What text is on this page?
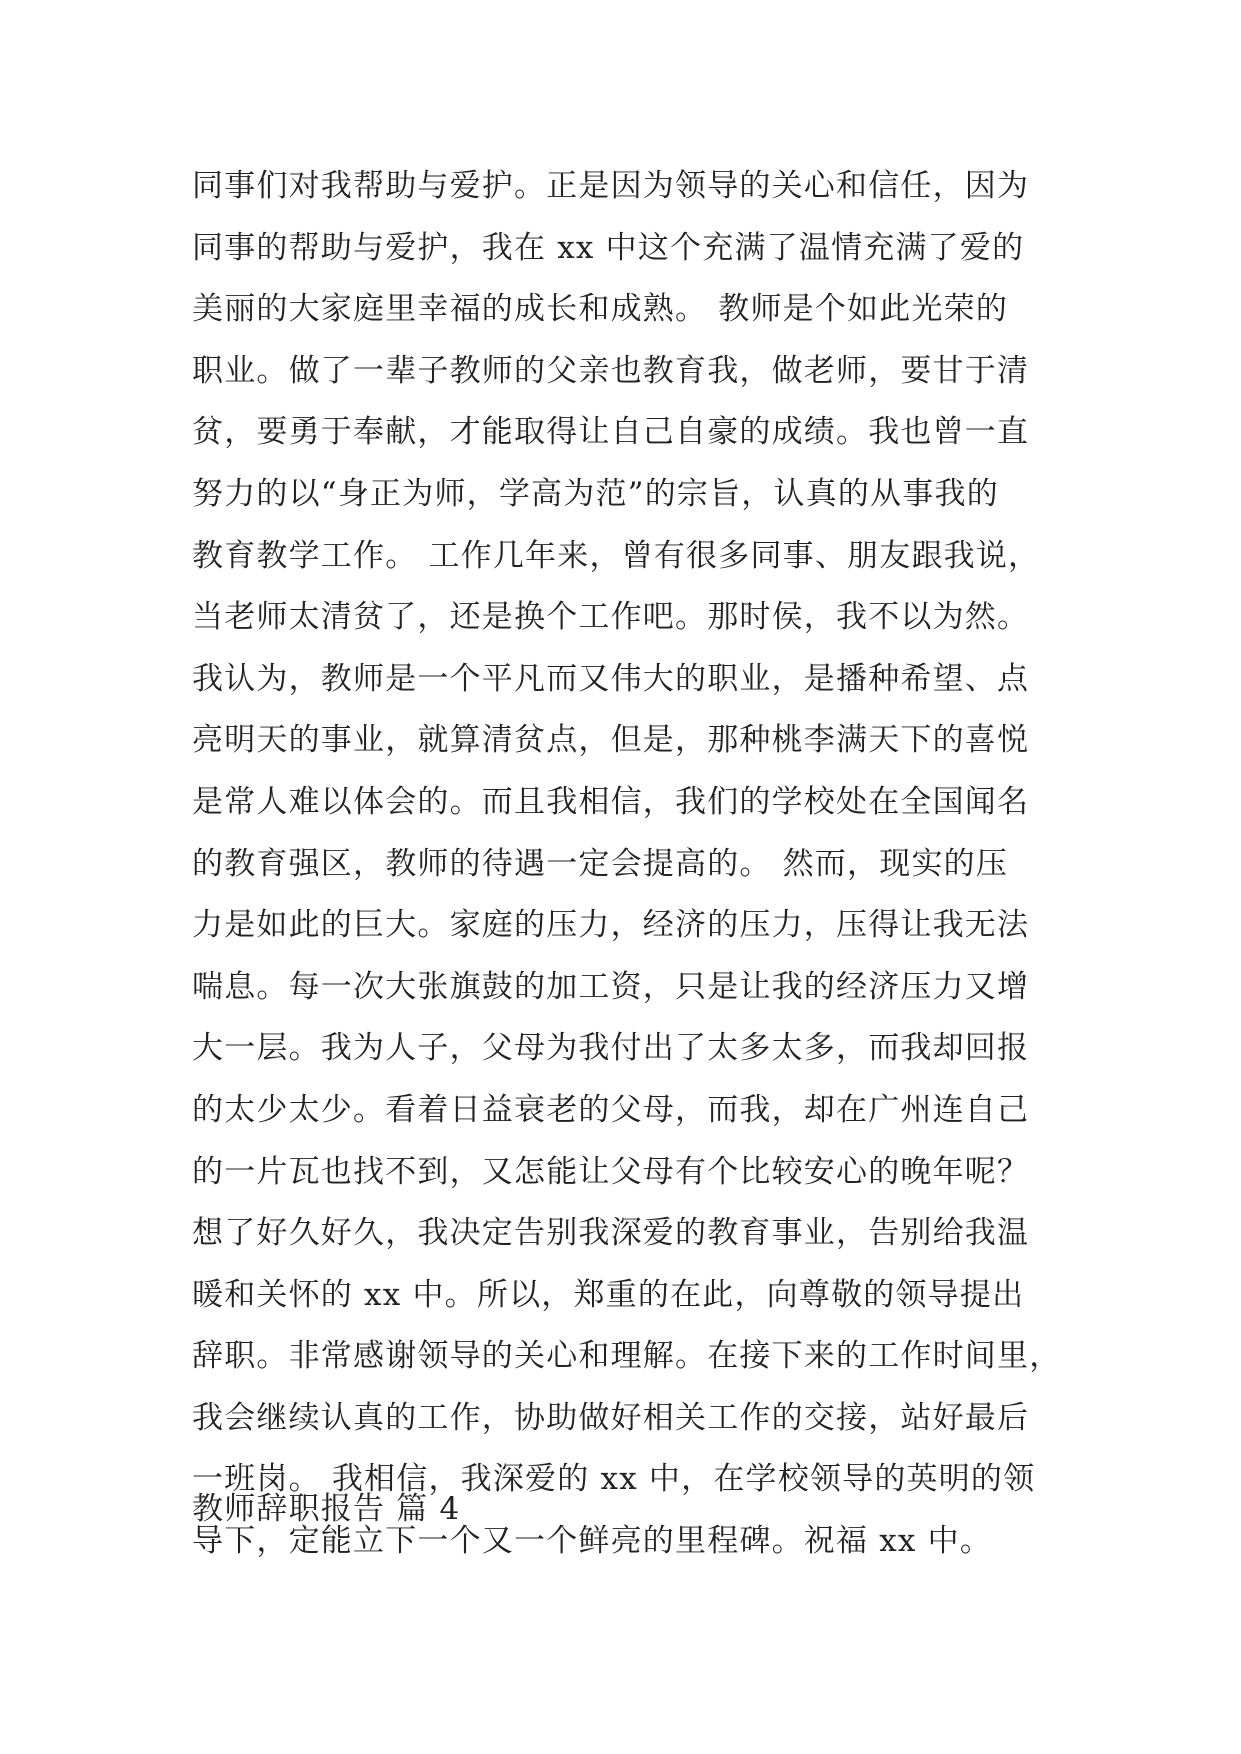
同事们对我帮助与爱护。正是因为领导的关心和信任，因为
同事的帮助与爱护，我在 xx 中这个充满了温情充满了爱的
美丽的大家庭里幸福的成长和成熟。 教师是个如此光荣的
职业。做了一辈子教师的父亲也教育我，做老师，要甘于清
贫，要勇于奉献，才能取得让自己自豪的成绩。我也曾一直
努力的以“身正为师，学高为范”的宗旨，认真的从事我的
教育教学工作。 工作几年来，曾有很多同事、朋友跟我说，
当老师太清贫了，还是换个工作吧。那时侯，我不以为然。
我认为，教师是一个平凡而又伟大的职业，是播种希望、点
亮明天的事业，就算清贫点，但是，那种桃李满天下的喜悦
是常人难以体会的。而且我相信，我们的学校处在全国闻名
的教育强区，教师的待遇一定会提高的。 然而，现实的压
力是如此的巨大。家庭的压力，经济的压力，压得让我无法
喘息。每一次大张旗鼓的加工资，只是让我的经济压力又增
大一层。我为人子，父母为我付出了太多太多，而我却回报
的太少太少。看着日益衰老的父母，而我，却在广州连自己
的一片瓦也找不到，又怎能让父母有个比较安心的晚年呢？
想了好久好久，我决定告别我深爱的教育事业，告别给我温
暖和关怀的 xx 中。所以，郑重的在此，向尊敬的领导提出
辞职。非常感谢领导的关心和理解。在接下来的工作时间里，
我会继续认真的工作，协助做好相关工作的交接，站好最后
一班岗。 我相信，我深爱的 xx 中，在学校领导的英明的领
导下，定能立下一个又一个鲜亮的里程碑。祝福 xx 中。
教师辞职报告 篇 4
